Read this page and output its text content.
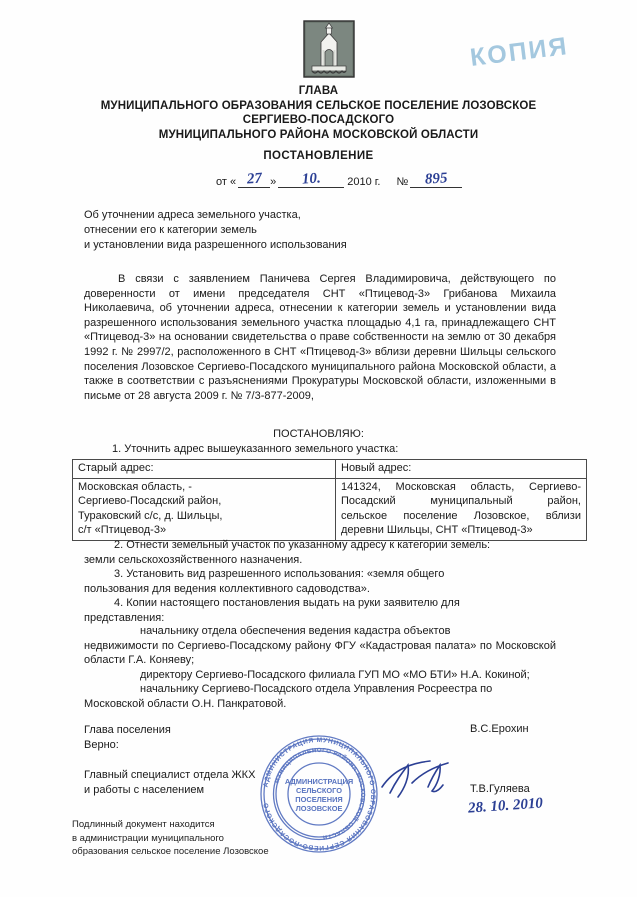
КОПИЯ
ГЛАВА
МУНИЦИПАЛЬНОГО ОБРАЗОВАНИЯ СЕЛЬСКОЕ ПОСЕЛЕНИЕ ЛОЗОВСКОЕ
СЕРГИЕВО-ПОСАДСКОГО
МУНИЦИПАЛЬНОГО РАЙОНА МОСКОВСКОЙ ОБЛАСТИ
ПОСТАНОВЛЕНИЕ
от « 27 »	10.	2010 г.	№	895
Об уточнении адреса земельного участка,
отнесении его к категории земель
и установлении вида разрешенного использования
В связи с заявлением Паничева Сергея Владимировича, действующего по доверенности от имени председателя СНТ «Птицевод-3» Грибанова Михаила Николаевича, об уточнении адреса, отнесении к категории земель и установлении вида разрешенного использования земельного участка площадью 4,1 га, принадлежащего СНТ «Птицевод-3» на основании свидетельства о праве собственности на землю от 30 декабря 1992 г. № 2997/2, расположенного в СНТ «Птицевод-3» вблизи деревни Шильцы сельского поселения Лозовское Сергиево-Посадского муниципального района Московской области, а также в соответствии с разъяснениями Прокуратуры Московской области, изложенными в письме от 28 августа 2009 г. № 7/3-877-2009,
ПОСТАНОВЛЯЮ:
1. Уточнить адрес вышеуказанного земельного участка:
Старый адрес:	Новый адрес:

Московская область, -
Сергиево-Посадский район,
Тураковский с/с, д. Шильцы,
с/т «Птицевод-3»	141324, Московская область, Сергиево-
Посадский муниципальный район,
сельское поселение Лозовское, вблизи
деревни Шильцы, СНТ «Птицевод-3»

2. Отнести земельный участок по указанному адресу к категории земель:

земли сельскохозяйственного назначения.

3. Установить вид разрешенного использования: «земля общего

пользования для ведения коллективного садоводства».

4. Копии настоящего постановления выдать на руки заявителю для

представления:

начальнику отдела обеспечения ведения кадастра объектов

недвижимости по Сергиево-Посадскому району ФГУ «Кадастровая палата» по Московской области Г.А. Коняеву;

директору Сергиево-Посадского филиала ГУП МО «МО БТИ» Н.А. Кокиной;

начальнику Сергиево-Посадского отдела Управления Росреестра по

Московской области О.Н. Панкратовой.

Глава поселения
Верно:
В.С.Ерохин
Главный специалист отдела ЖКХ
и работы с населением	Т.В.Гуляева
28. 10. 2010
АДМИНИСТРАЦИЯ МУНИЦИПАЛЬНОГО ОБРАЗОВАНИЯ СЕРГИЕВО-ПОСАДСКОГО
МУНИЦИПАЛЬНОГО РАЙОНА МОСКОВСКОЙ ОБЛАСТИ
АДМИНИСТРАЦИЯ
СЕЛЬСКОГО
ПОСЕЛЕНИЯ
ЛОЗОВСКОЕ
Подлинный документ находится
в администрации муниципального
образования сельское поселение Лозовское
